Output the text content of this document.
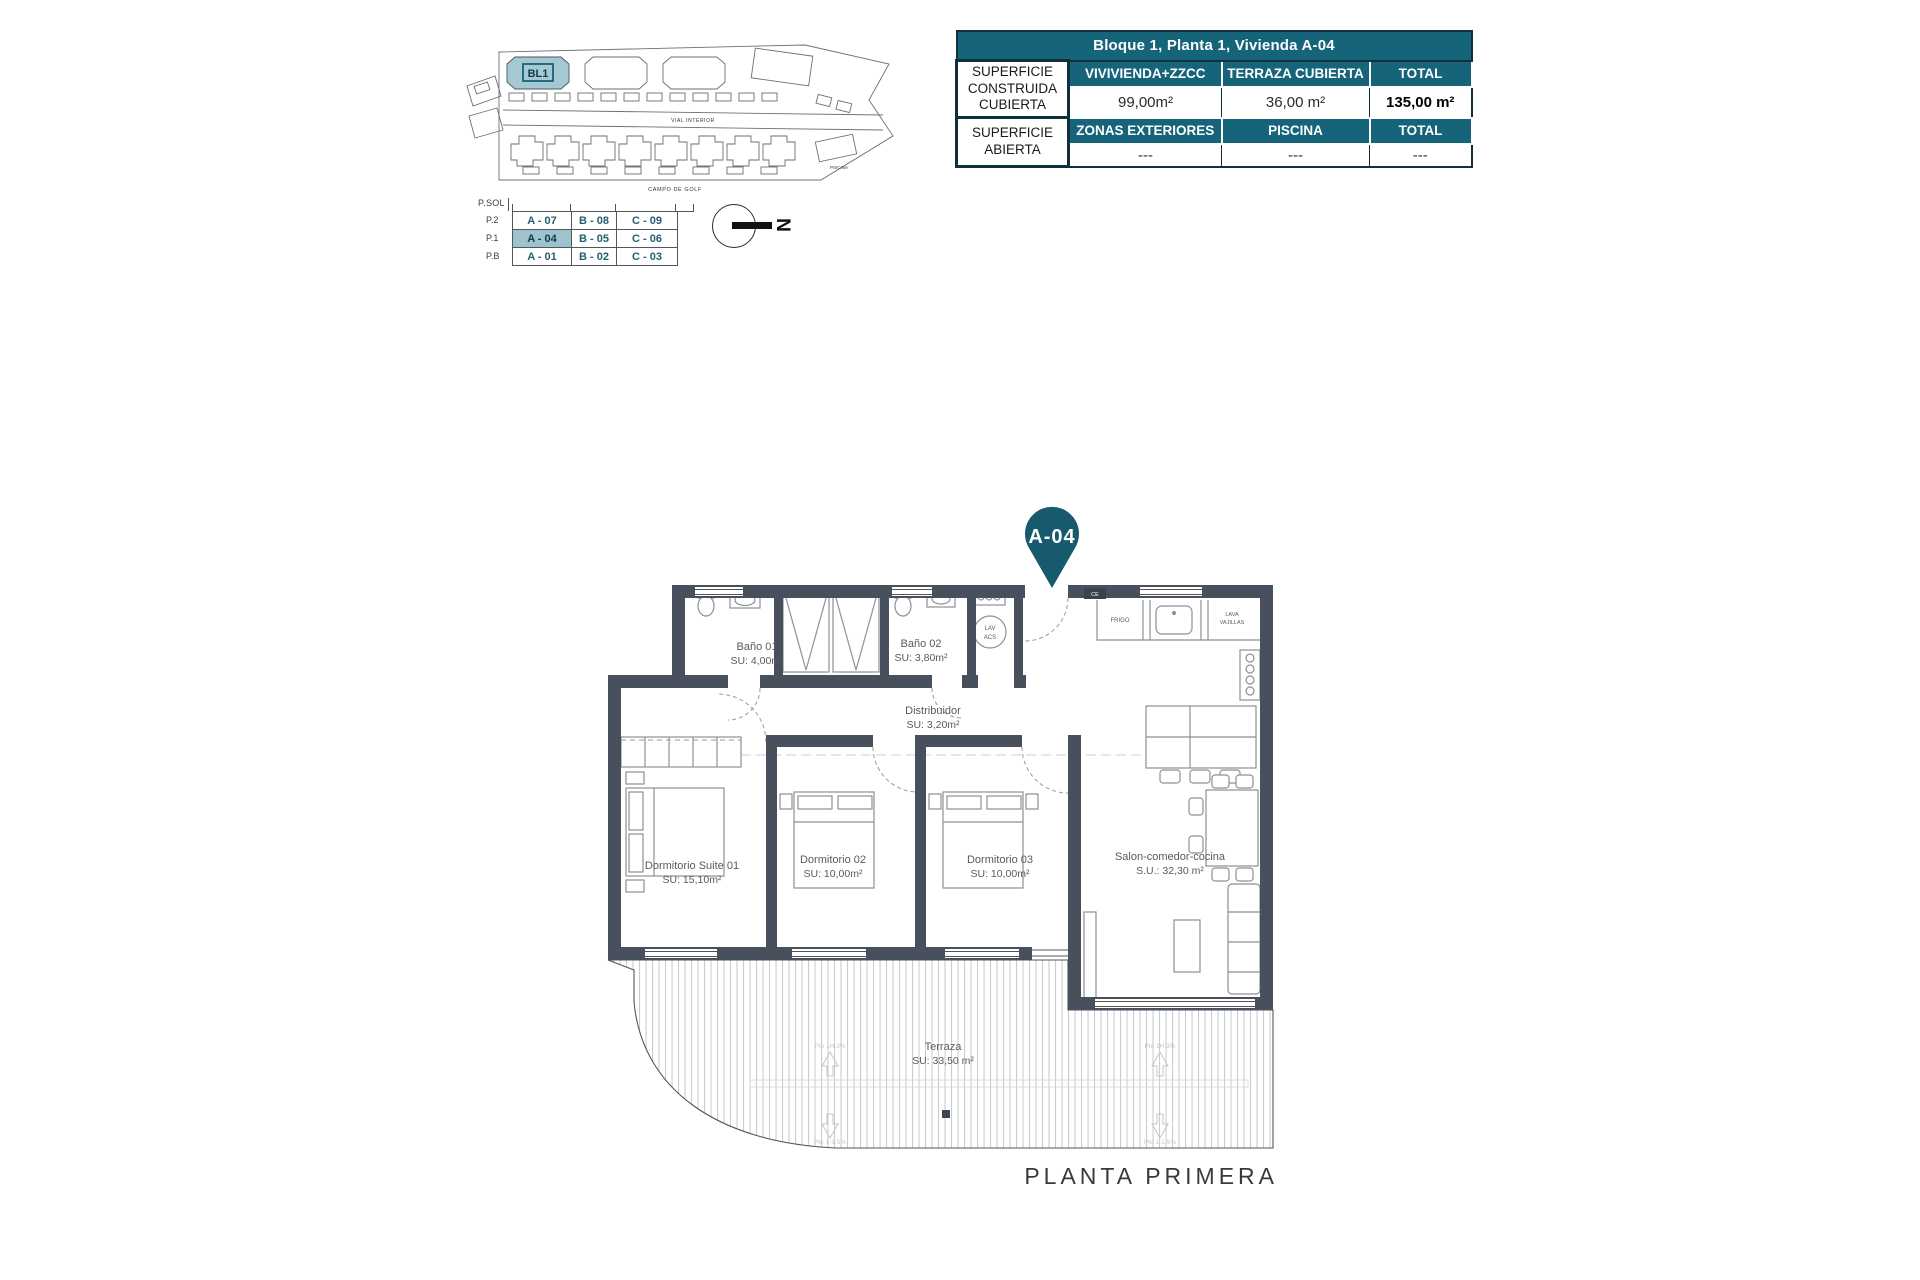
BL1
VIAL INTERIOR
CAMPO DE GOLF
PISCINA
P.SOL
P.2
P.1
P.B
A - 07	B - 08	C - 09
A - 04	B - 05	C - 06
A - 01	B - 02	C - 03
N
Bloque 1, Planta 1, Vivienda A-04			
SUPERFICIE CONSTRUIDA CUBIERTA	VIVIVIENDA+ZZCC	TERRAZA CUBIERTA	TOTAL
	99,00m²	36,00 m²	135,00 m²
SUPERFICIE ABIERTA	ZONAS EXTERIORES	PISCINA	TOTAL
	---	---	---
Pte 1H.3%
Pte 1-1.5%
Pte 1H.3%
Pte 1-1.5%
CE
Baño 01
SU: 4,00m²
Baño 02
SU: 3,80m²
Distribuidor
SU: 3,20m²
Dormitorio Suite 01
SU: 15,10m²
Dormitorio 02
SU: 10,00m²
Dormitorio 03
SU: 10,00m²
Salon-comedor-cocina
S.U.: 32,30 m²
Terraza
SU: 33,50 m²
FRIGO
LAVA
VAJILLAS
LAV
ACS
A-04
PLANTA PRIMERA
